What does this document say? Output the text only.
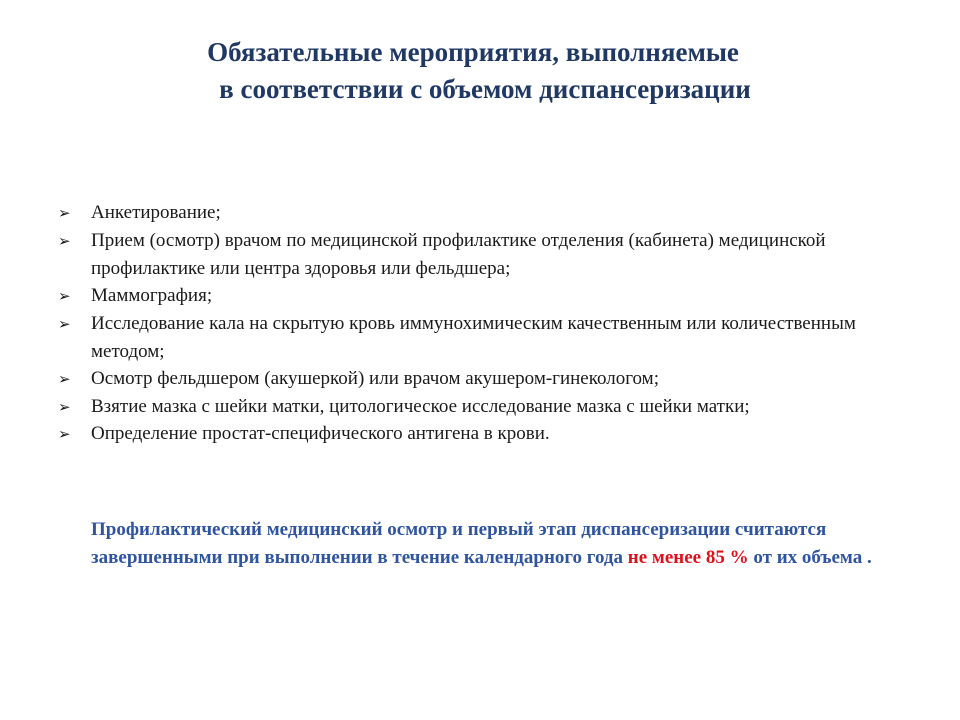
Обязательные мероприятия, выполняемые
в соответствии с объемом диспансеризации
➢	Анкетирование;
➢	Прием (осмотр) врачом по медицинской профилактике отделения (кабинета) медицинской профилактике или центра здоровья или фельдшера;
➢	Маммография;
➢	Исследование кала на скрытую кровь иммунохимическим качественным или количественным методом;
➢	Осмотр фельдшером (акушеркой) или врачом акушером-гинекологом;
➢	Взятие мазка с шейки матки, цитологическое исследование мазка с шейки матки;
➢	Определение простат-специфического антигена в крови.
Профилактический медицинский осмотр и первый этап диспансеризации считаются завершенными при выполнении в течение календарного года не менее 85 % от их объема .
